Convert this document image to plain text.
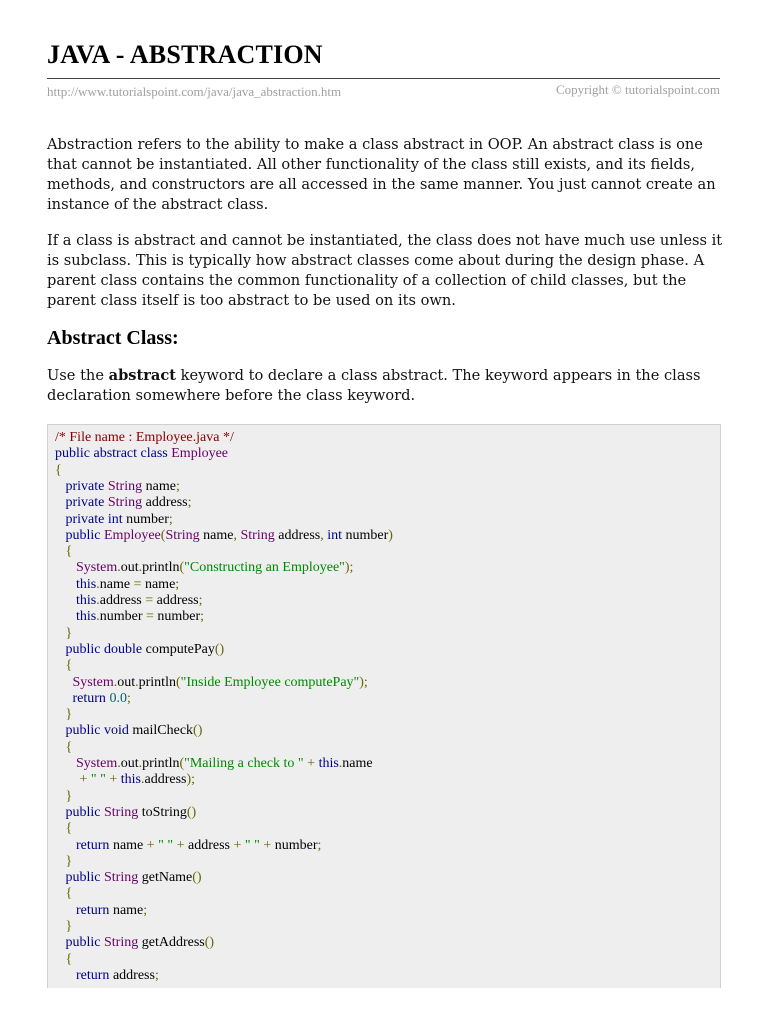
JAVA - ABSTRACTION
http://www.tutorialspoint.com/java/java_abstraction.htm	Copyright © tutorialspoint.com

Abstraction refers to the ability to make a class abstract in OOP. An abstract class is one that cannot be instantiated. All other functionality of the class still exists, and its fields, methods, and constructors are all accessed in the same manner. You just cannot create an instance of the abstract class.

If a class is abstract and cannot be instantiated, the class does not have much use unless it is subclass. This is typically how abstract classes come about during the design phase. A parent class contains the common functionality of a collection of child classes, but the parent class itself is too abstract to be used on its own.

Abstract Class:

Use the abstract keyword to declare a class abstract. The keyword appears in the class declaration somewhere before the class keyword.

/* File name : Employee.java */
public abstract class Employee
{
private String name;
private String address;
private int number;
public Employee(String name, String address, int number)
{
System.out.println("Constructing an Employee");
this.name = name;
this.address = address;
this.number = number;
}
public double computePay()
{
System.out.println("Inside Employee computePay");
return 0.0;
}
public void mailCheck()
{
System.out.println("Mailing a check to " + this.name
+ " " + this.address);
}
public String toString()
{
return name + " " + address + " " + number;
}
public String getName()
{
return name;
}
public String getAddress()
{
return address;
